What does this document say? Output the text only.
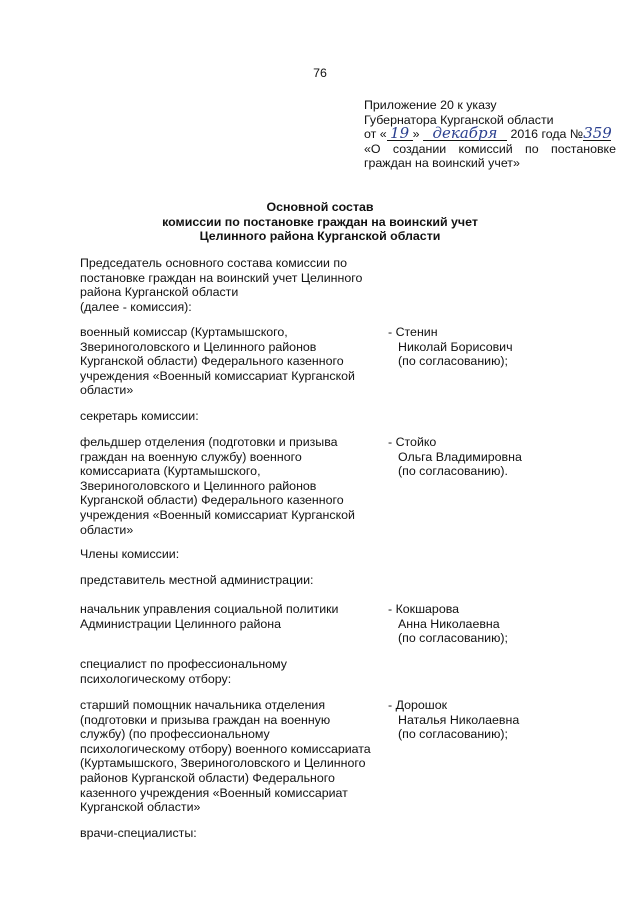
76
Приложение 20 к указу
Губернатора Курганской области
от « 19 » декабря 2016 года №359
«О создании комиссий по постановке граждан на воинский учет»
Основной состав
комиссии по постановке граждан на воинский учет
Целинного района Курганской области
Председатель основного состава комиссии по
постановке граждан на воинский учет Целинного
района Курганской области
(далее - комиссия):
военный комиссар (Куртамышского,
Звериноголовского и Целинного районов
Курганской области) Федерального казенного
учреждения «Военный комиссариат Курганской
области»
- Стенин
Николай Борисович
(по согласованию);
секретарь комиссии:
фельдшер отделения (подготовки и призыва
граждан на военную службу) военного
комиссариата (Куртамышского,
Звериноголовского и Целинного районов
Курганской области) Федерального казенного
учреждения «Военный комиссариат Курганской
области»
- Стойко
Ольга Владимировна
(по согласованию).
Члены комиссии:
представитель местной администрации:
начальник управления социальной политики
Администрации Целинного района
- Кокшарова
Анна Николаевна
(по согласованию);
специалист по профессиональному
психологическому отбору:
старший помощник начальника отделения
(подготовки и призыва граждан на военную
службу) (по профессиональному
психологическому отбору) военного комиссариата
(Куртамышского, Звериноголовского и Целинного
районов Курганской области) Федерального
казенного учреждения «Военный комиссариат
Курганской области»
- Дорошок
Наталья Николаевна
(по согласованию);
врачи-специалисты:
